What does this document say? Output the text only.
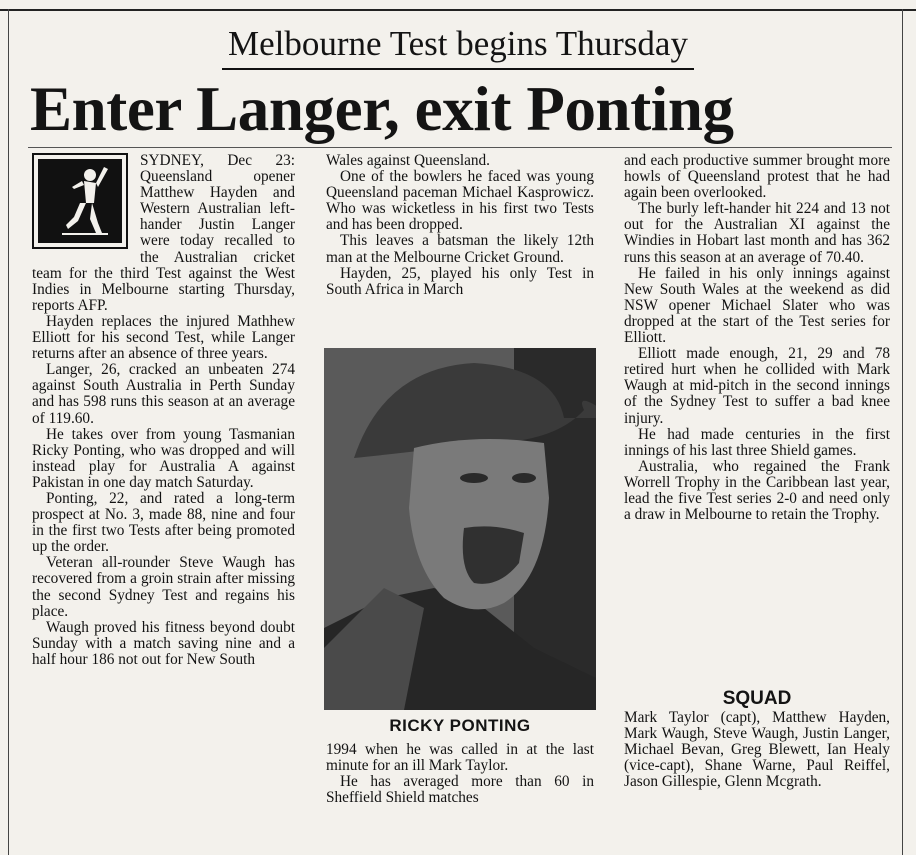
Melbourne Test begins Thursday
Enter Langer, exit Ponting

SYDNEY, Dec 23: Queensland opener Matthew Hayden and Western Australian left-hander Justin Langer were today recalled to the Australian cricket team for the third Test against the West Indies in Melbourne starting Thursday, reports AFP.

Hayden replaces the injured Mathhew Elliott for his second Test, while Langer returns after an absence of three years.

Langer, 26, cracked an unbeaten 274 against South Australia in Perth Sunday and has 598 runs this season at an average of 119.60.

He takes over from young Tasmanian Ricky Ponting, who was dropped and will instead play for Australia A against Pakistan in one day match Saturday.

Ponting, 22, and rated a long-term prospect at No. 3, made 88, nine and four in the first two Tests after being promoted up the order.

Veteran all-rounder Steve Waugh has recovered from a groin strain after missing the second Sydney Test and regains his place.

Waugh proved his fitness beyond doubt Sunday with a match saving nine and a half hour 186 not out for New South

Wales against Queensland.

One of the bowlers he faced was young Queensland paceman Michael Kasprowicz. Who was wicketless in his first two Tests and has been dropped.

This leaves a batsman the likely 12th man at the Melbourne Cricket Ground.

Hayden, 25, played his only Test in South Africa in March

RICKY PONTING

1994 when he was called in at the last minute for an ill Mark Taylor.

He has averaged more than 60 in Sheffield Shield matches

and each productive summer brought more howls of Queensland protest that he had again been overlooked.

The burly left-hander hit 224 and 13 not out for the Australian XI against the Windies in Hobart last month and has 362 runs this season at an average of 70.40.

He failed in his only innings against New South Wales at the weekend as did NSW opener Michael Slater who was dropped at the start of the Test series for Elliott.

Elliott made enough, 21, 29 and 78 retired hurt when he collided with Mark Waugh at mid-pitch in the second innings of the Sydney Test to suffer a bad knee injury.

He had made centuries in the first innings of his last three Shield games.

Australia, who regained the Frank Worrell Trophy in the Caribbean last year, lead the five Test series 2-0 and need only a draw in Melbourne to retain the Trophy.

SQUAD

Mark Taylor (capt), Matthew Hayden, Mark Waugh, Steve Waugh, Justin Langer, Michael Bevan, Greg Blewett, Ian Healy (vice-capt), Shane Warne, Paul Reiffel, Jason Gillespie, Glenn Mcgrath.
